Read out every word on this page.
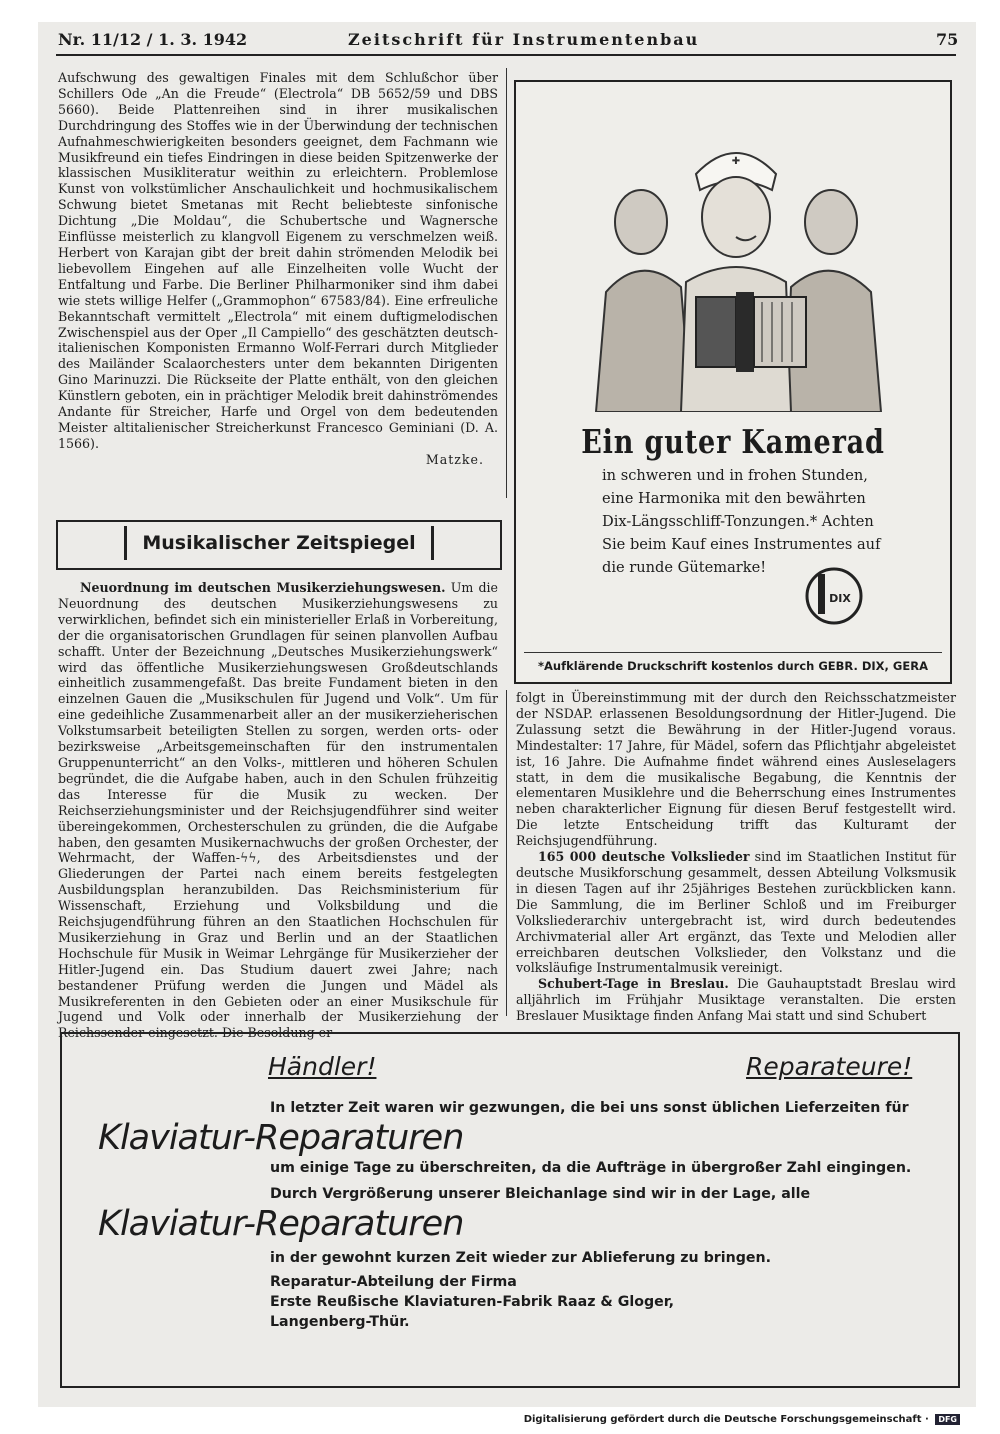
Nr. 11/12 / 1. 3. 1942	Zeitschrift für Instrumentenbau	75

Aufschwung des gewaltigen Finales mit dem Schlußchor über Schillers Ode „An die Freude“ (Electrola“ DB 5652/59 und DBS 5660). Beide Plattenreihen sind in ihrer musikalischen Durchdringung des Stoffes wie in der Überwindung der technischen Aufnahmeschwierigkeiten besonders geeignet, dem Fachmann wie Musikfreund ein tiefes Eindringen in diese beiden Spitzenwerke der klassischen Musikliteratur weithin zu erleichtern. Problemlose Kunst von volkstümlicher Anschaulichkeit und hochmusikalischem Schwung bietet Smetanas mit Recht beliebteste sinfonische Dichtung „Die Moldau“, die Schubertsche und Wagnersche Einflüsse meisterlich zu klangvoll Eigenem zu verschmelzen weiß. Herbert von Karajan gibt der breit dahin strömenden Melodik bei liebevollem Eingehen auf alle Einzelheiten volle Wucht der Entfaltung und Farbe. Die Berliner Philharmoniker sind ihm dabei wie stets willige Helfer („Grammophon“ 67583/84). Eine erfreuliche Bekanntschaft vermittelt „Electrola“ mit einem duftigmelodischen Zwischenspiel aus der Oper „Il Campiello“ des geschätzten deutsch-italienischen Komponisten Ermanno Wolf-Ferrari durch Mitglieder des Mailänder Scalaorchesters unter dem bekannten Dirigenten Gino Marinuzzi. Die Rückseite der Platte enthält, von den gleichen Künstlern geboten, ein in prächtiger Melodik breit dahinströmendes Andante für Streicher, Harfe und Orgel von dem bedeutenden Meister altitalienischer Streicherkunst Francesco Geminiani (D. A. 1566).

Matzke.

Musikalischer Zeitspiegel

Neuordnung im deutschen Musikerziehungswesen. Um die Neuordnung des deutschen Musikerziehungswesens zu verwirklichen, befindet sich ein ministerieller Erlaß in Vorbereitung, der die organisatorischen Grundlagen für seinen planvollen Aufbau schafft. Unter der Bezeichnung „Deutsches Musikerziehungswerk“ wird das öffentliche Musikerziehungswesen Großdeutschlands einheitlich zusammengefaßt. Das breite Fundament bieten in den einzelnen Gauen die „Musikschulen für Jugend und Volk“. Um für eine gedeihliche Zusammenarbeit aller an der musikerzieherischen Volkstumsarbeit beteiligten Stellen zu sorgen, werden orts- oder bezirksweise „Arbeitsgemeinschaften für den instrumentalen Gruppenunterricht“ an den Volks-, mittleren und höheren Schulen begründet, die die Aufgabe haben, auch in den Schulen frühzeitig das Interesse für die Musik zu wecken. Der Reichserziehungsminister und der Reichsjugendführer sind weiter übereingekommen, Orchesterschulen zu gründen, die die Aufgabe haben, den gesamten Musikernachwuchs der großen Orchester, der Wehrmacht, der Waffen-ϟϟ, des Arbeitsdienstes und der Gliederungen der Partei nach einem bereits festgelegten Ausbildungsplan heranzubilden. Das Reichsministerium für Wissenschaft, Erziehung und Volksbildung und die Reichsjugendführung führen an den Staatlichen Hochschulen für Musikerziehung in Graz und Berlin und an der Staatlichen Hochschule für Musik in Weimar Lehrgänge für Musikerzieher der Hitler-Jugend ein. Das Studium dauert zwei Jahre; nach bestandener Prüfung werden die Jungen und Mädel als Musikreferenten in den Gebieten oder an einer Musikschule für Jugend und Volk oder innerhalb der Musikerziehung der Reichssender eingesetzt. Die Besoldung er-

folgt in Übereinstimmung mit der durch den Reichsschatzmeister der NSDAP. erlassenen Besoldungsordnung der Hitler-Jugend. Die Zulassung setzt die Bewährung in der Hitler-Jugend voraus. Mindestalter: 17 Jahre, für Mädel, sofern das Pflichtjahr abgeleistet ist, 16 Jahre. Die Aufnahme findet während eines Ausleselagers statt, in dem die musikalische Begabung, die Kenntnis der elementaren Musiklehre und die Beherrschung eines Instrumentes neben charakterlicher Eignung für diesen Beruf festgestellt wird. Die letzte Entscheidung trifft das Kulturamt der Reichsjugendführung.

165 000 deutsche Volkslieder sind im Staatlichen Institut für deutsche Musikforschung gesammelt, dessen Abteilung Volksmusik in diesen Tagen auf ihr 25jähriges Bestehen zurückblicken kann. Die Sammlung, die im Berliner Schloß und im Freiburger Volksliederarchiv untergebracht ist, wird durch bedeutendes Archivmaterial aller Art ergänzt, das Texte und Melodien aller erreichbaren deutschen Volkslieder, den Volkstanz und die volksläufige Instrumentalmusik vereinigt.

Schubert-Tage in Breslau. Die Gauhauptstadt Breslau wird alljährlich im Frühjahr Musiktage veranstalten. Die ersten Breslauer Musiktage finden Anfang Mai statt und sind Schubert

✚
Ein guter Kamerad
in schweren und in frohen Stunden,
eine Harmonika mit den bewährten
Dix-Längsschliff-Tonzungen.* Achten
Sie beim Kauf eines Instrumentes auf
die runde Gütemarke!
DIX
*Aufklärende Druckschrift kostenlos durch GEBR. DIX, GERA
Händler!	Reparateure!
In letzter Zeit waren wir gezwungen, die bei uns sonst üblichen Lieferzeiten für
Klaviatur-Reparaturen
um einige Tage zu überschreiten, da die Aufträge in übergroßer Zahl eingingen.
Durch Vergrößerung unserer Bleichanlage sind wir in der Lage, alle
Klaviatur-Reparaturen
in der gewohnt kurzen Zeit wieder zur Ablieferung zu bringen.
Reparatur-Abteilung der Firma
Erste Reußische Klaviaturen-Fabrik Raaz & Gloger,
Langenberg-Thür.
Digitalisierung gefördert durch die Deutsche Forschungsgemeinschaft · DFG
